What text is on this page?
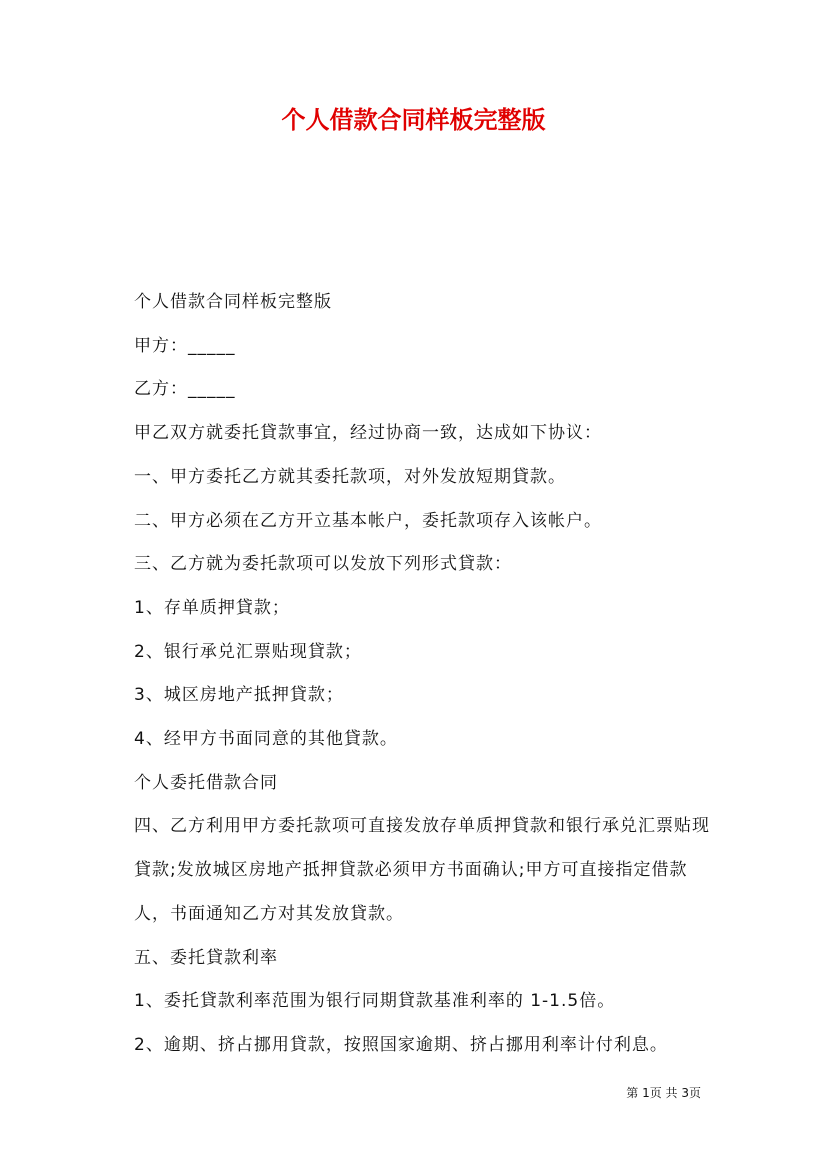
个人借款合同样板完整版

个人借款合同样板完整版

甲方：_____

乙方：_____

甲乙双方就委托貸款事宜，经过协商一致，达成如下协议：

一、甲方委托乙方就其委托款项，对外发放短期貸款。

二、甲方必须在乙方开立基本帐户，委托款项存入该帐户。

三、乙方就为委托款项可以发放下列形式貸款：

1、存单质押貸款；

2、银行承兑汇票贴现貸款；

3、城区房地产抵押貸款；

4、经甲方书面同意的其他貸款。

个人委托借款合同

四、乙方利用甲方委托款项可直接发放存单质押貸款和银行承兑汇票贴现貸款;发放城区房地产抵押貸款必须甲方书面确认;甲方可直接指定借款人，书面通知乙方对其发放貸款。

五、委托貸款利率

1、委托貸款利率范围为银行同期貸款基准利率的 1-1.5倍。

2、逾期、挤占挪用貸款，按照国家逾期、挤占挪用利率计付利息。

第 1页 共 3页
